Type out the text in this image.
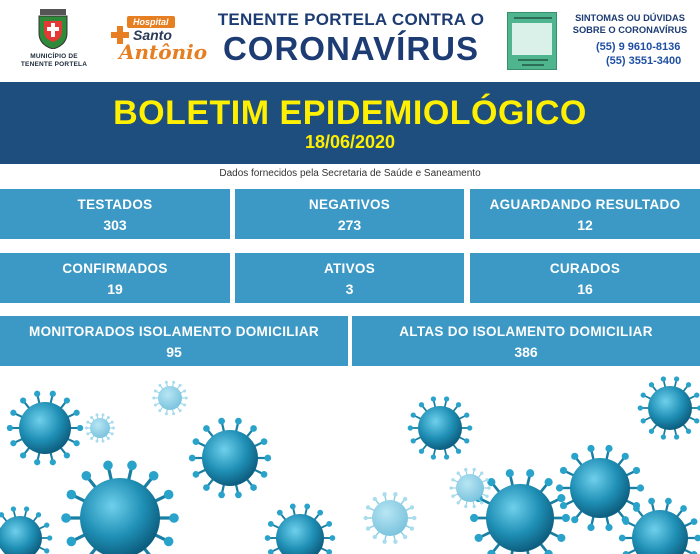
MUNICÍPIO DE
TENENTE PORTELA
Hospital
Santo
Antônio
TENENTE PORTELA CONTRA O
CORONAVÍRUS
SINTOMAS OU DÚVIDAS
SOBRE O CORONAVÍRUS
(55) 9 9610-8136
(55) 3551-3400
BOLETIM EPIDEMIOLÓGICO
18/06/2020
Dados fornecidos pela Secretaria de Saúde e Saneamento
TESTADOS
303
NEGATIVOS
273
AGUARDANDO RESULTADO
12
CONFIRMADOS
19
ATIVOS
3
CURADOS
16
MONITORADOS ISOLAMENTO DOMICILIAR
95
ALTAS DO ISOLAMENTO DOMICILIAR
386
